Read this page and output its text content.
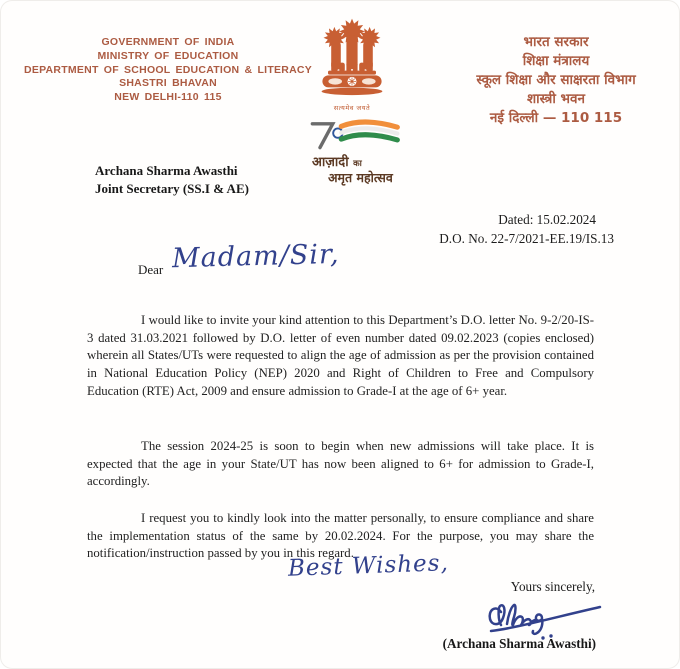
GOVERNMENT OF INDIA
MINISTRY OF EDUCATION
DEPARTMENT OF SCHOOL EDUCATION & LITERACY
SHASTRI BHAVAN
NEW DELHI-110 115
सत्यमेव जयते
आज़ादी का
अमृत महोत्सव
भारत सरकार
शिक्षा मंत्रालय
स्कूल शिक्षा और साक्षरता विभाग
शास्त्री भवन
नई दिल्ली — 110 115
Archana Sharma Awasthi
Joint Secretary (SS.I & AE)
Dated: 15.02.2024
D.O. No. 22-7/2021-EE.19/IS.13
Dear Madam/Sir,
I would like to invite your kind attention to this Department’s D.O. letter No. 9-2/20-IS-3 dated 31.03.2021 followed by D.O. letter of even number dated 09.02.2023 (copies enclosed) wherein all States/UTs were requested to align the age of admission as per the provision contained in National Education Policy (NEP) 2020 and Right of Children to Free and Compulsory Education (RTE) Act, 2009 and ensure admission to Grade-I at the age of 6+ year.
The session 2024-25 is soon to begin when new admissions will take place. It is expected that the age in your State/UT has now been aligned to 6+ for admission to Grade-I, accordingly.
I request you to kindly look into the matter personally, to ensure compliance and share the implementation status of the same by 20.02.2024. For the purpose, you may share the notification/instruction passed by you in this regard.
Best Wishes,
Yours sincerely,
(Archana Sharma Awasthi)
